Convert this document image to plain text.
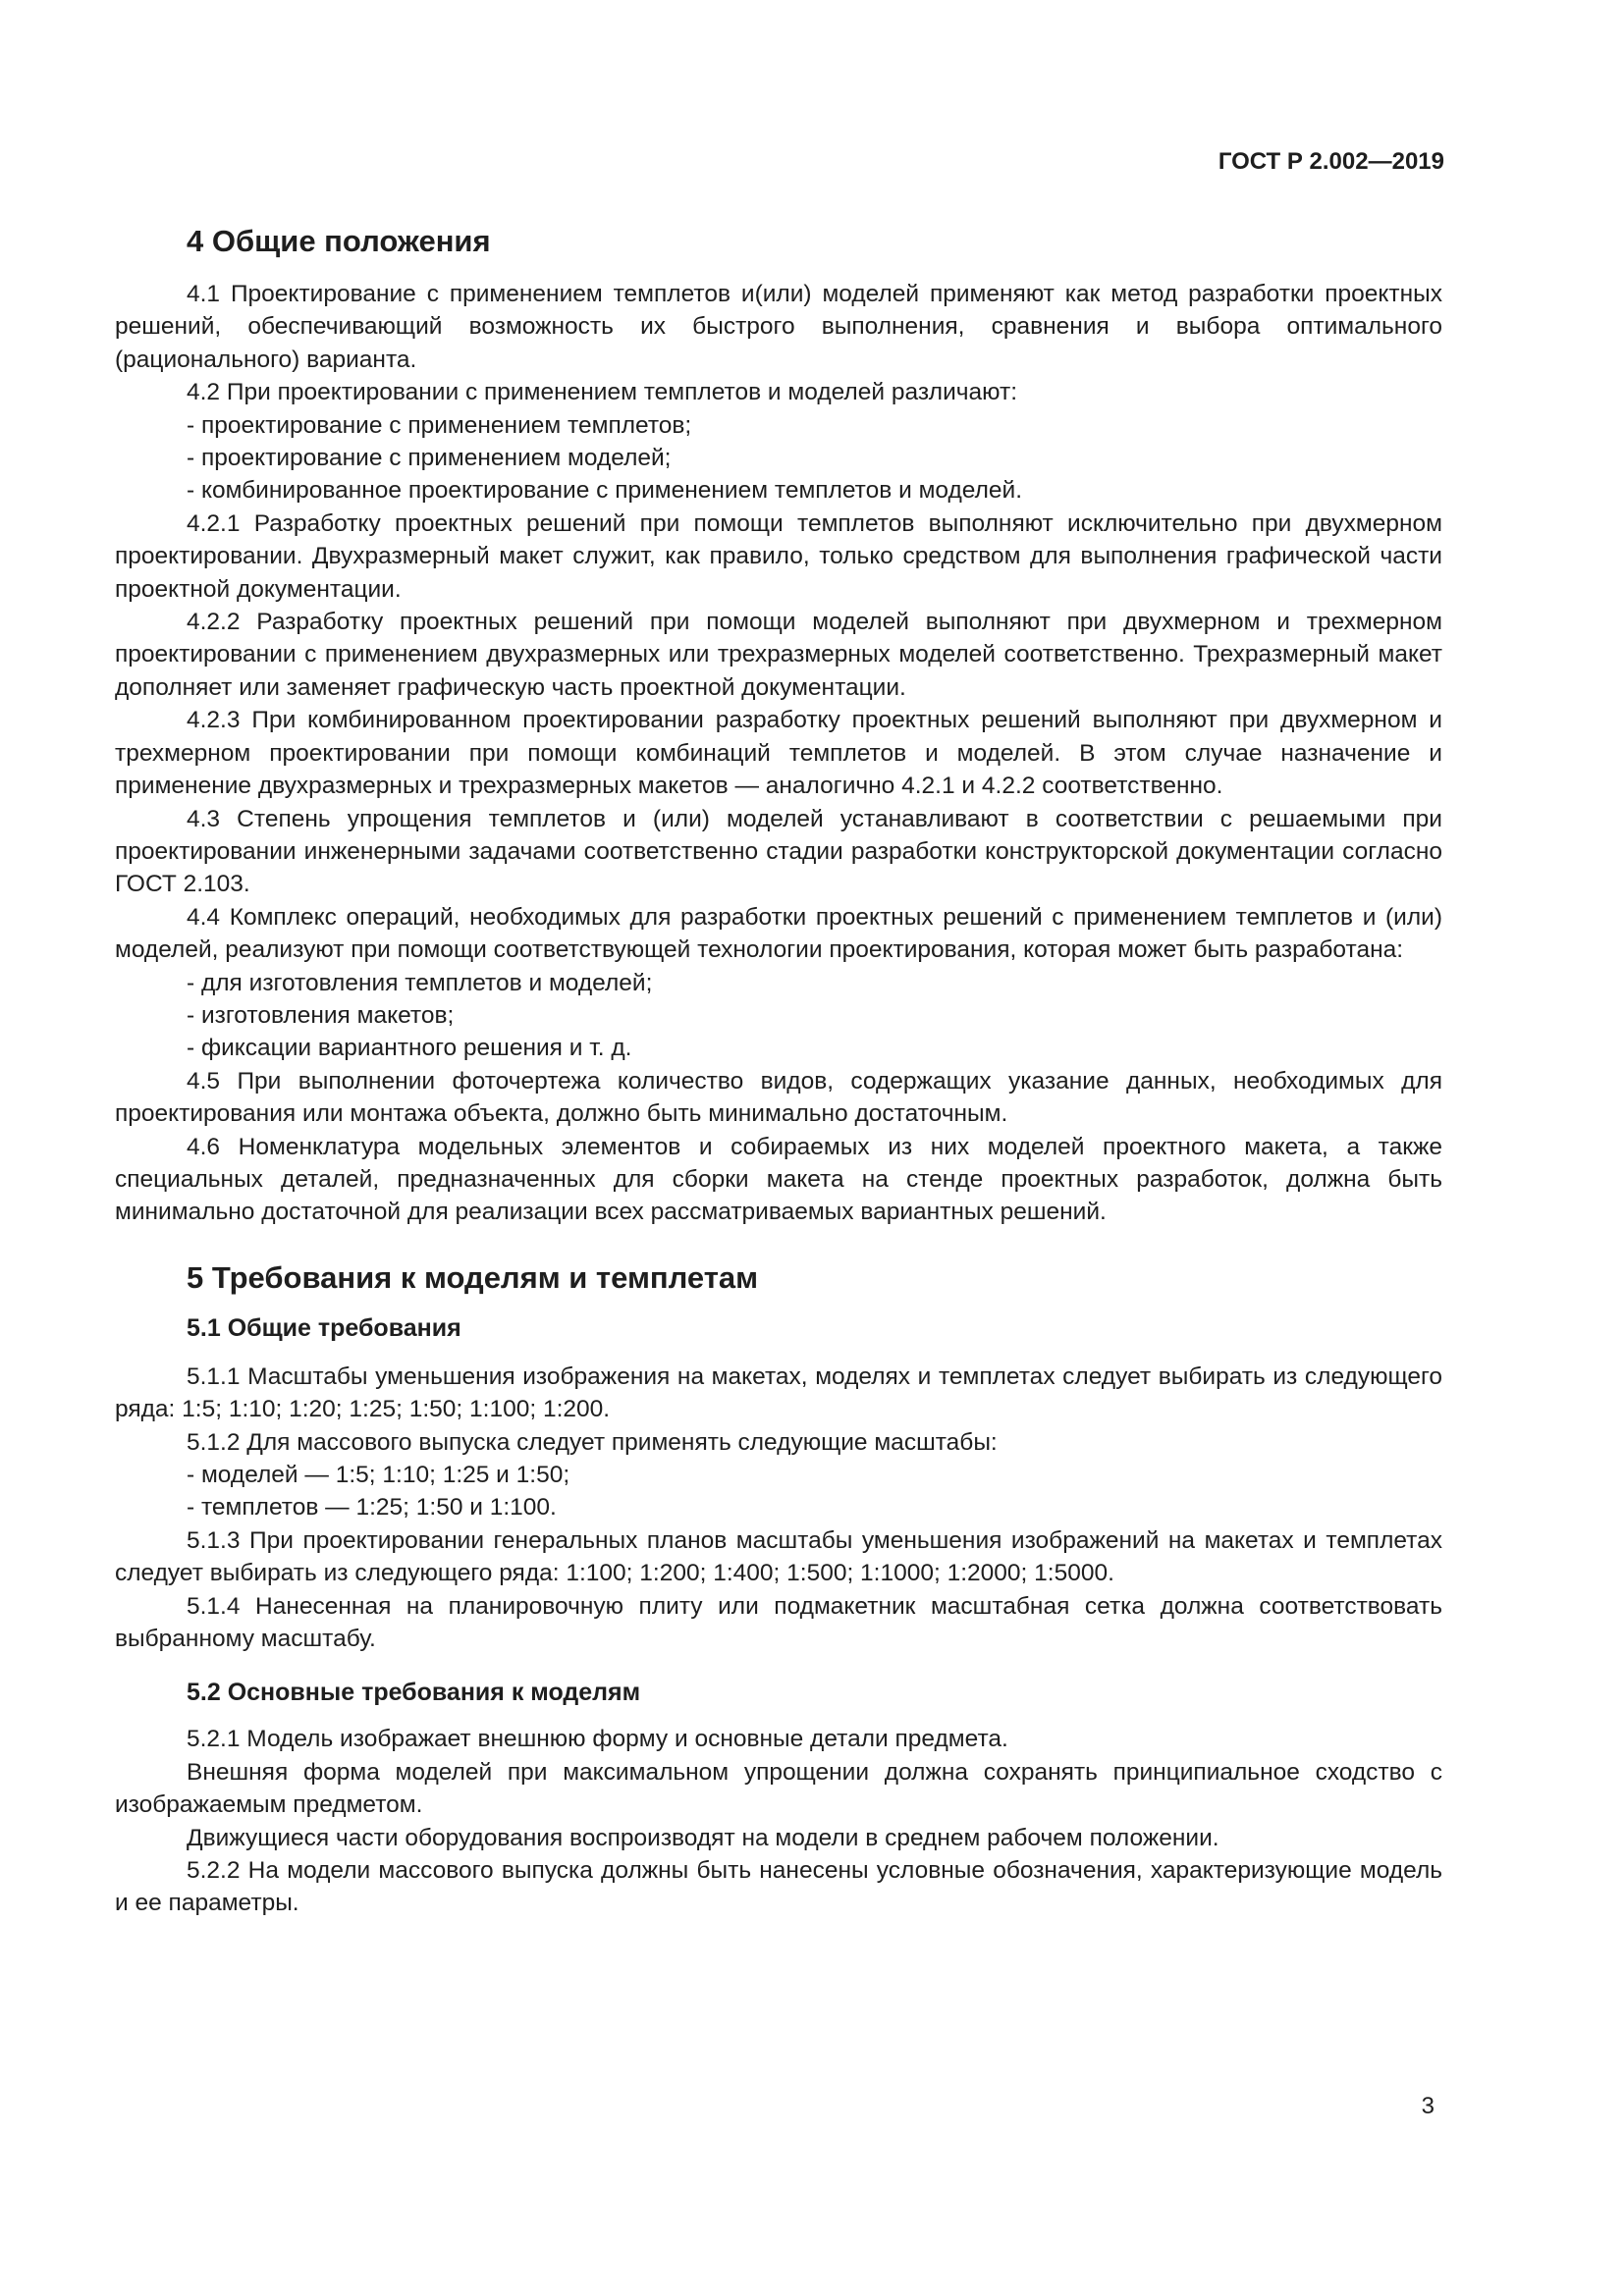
ГОСТ Р 2.002—2019
4 Общие положения

4.1 Проектирование с применением темплетов и(или) моделей применяют как метод разработки проектных решений, обеспечивающий возможность их быстрого выполнения, сравнения и выбора оптимального (рационального) варианта.

4.2 При проектировании с применением темплетов и моделей различают:

- проектирование с применением темплетов;

- проектирование с применением моделей;

- комбинированное проектирование с применением темплетов и моделей.

4.2.1 Разработку проектных решений при помощи темплетов выполняют исключительно при двухмерном проектировании. Двухразмерный макет служит, как правило, только средством для выполнения графической части проектной документации.

4.2.2 Разработку проектных решений при помощи моделей выполняют при двухмерном и трехмерном проектировании с применением двухразмерных или трехразмерных моделей соответственно. Трехразмерный макет дополняет или заменяет графическую часть проектной документации.

4.2.3 При комбинированном проектировании разработку проектных решений выполняют при двухмерном и трехмерном проектировании при помощи комбинаций темплетов и моделей. В этом случае назначение и применение двухразмерных и трехразмерных макетов — аналогично 4.2.1 и 4.2.2 соответственно.

4.3 Степень упрощения темплетов и (или) моделей устанавливают в соответствии с решаемыми при проектировании инженерными задачами соответственно стадии разработки конструкторской документации согласно ГОСТ 2.103.

4.4 Комплекс операций, необходимых для разработки проектных решений с применением темплетов и (или) моделей, реализуют при помощи соответствующей технологии проектирования, которая может быть разработана:

- для изготовления темплетов и моделей;

- изготовления макетов;

- фиксации вариантного решения и т. д.

4.5 При выполнении фоточертежа количество видов, содержащих указание данных, необходимых для проектирования или монтажа объекта, должно быть минимально достаточным.

4.6 Номенклатура модельных элементов и собираемых из них моделей проектного макета, а также специальных деталей, предназначенных для сборки макета на стенде проектных разработок, должна быть минимально достаточной для реализации всех рассматриваемых вариантных решений.

5 Требования к моделям и темплетам
5.1 Общие требования

5.1.1 Масштабы уменьшения изображения на макетах, моделях и темплетах следует выбирать из следующего ряда: 1:5; 1:10; 1:20; 1:25; 1:50; 1:100; 1:200.

5.1.2 Для массового выпуска следует применять следующие масштабы:

- моделей — 1:5; 1:10; 1:25 и 1:50;

- темплетов — 1:25; 1:50 и 1:100.

5.1.3 При проектировании генеральных планов масштабы уменьшения изображений на макетах и темплетах следует выбирать из следующего ряда: 1:100; 1:200; 1:400; 1:500; 1:1000; 1:2000; 1:5000.

5.1.4 Нанесенная на планировочную плиту или подмакетник масштабная сетка должна соответствовать выбранному масштабу.

5.2 Основные требования к моделям

5.2.1 Модель изображает внешнюю форму и основные детали предмета.

Внешняя форма моделей при максимальном упрощении должна сохранять принципиальное сходство с изображаемым предметом.

Движущиеся части оборудования воспроизводят на модели в среднем рабочем положении.

5.2.2 На модели массового выпуска должны быть нанесены условные обозначения, характеризующие модель и ее параметры.

3
